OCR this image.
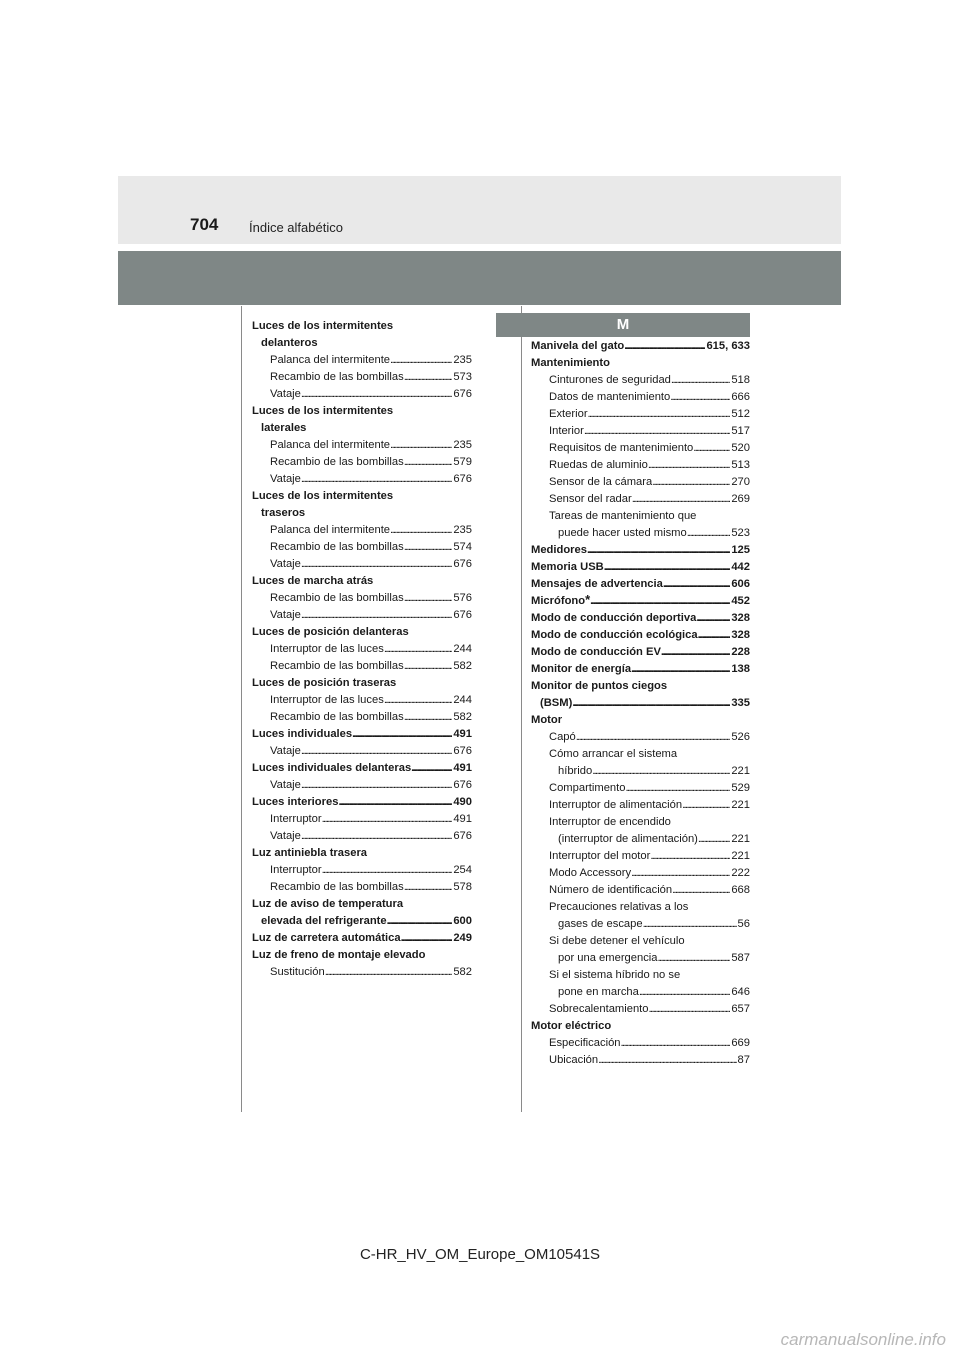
704 Índice alfabético
M
Luces de los intermitentes
delanteros
Palanca del intermitente . . .	235
Recambio de las bombillas . . .	573
Vataje . . .	676
Luces de los intermitentes
laterales
Palanca del intermitente . . .	235
Recambio de las bombillas . . .	579
Vataje . . .	676
Luces de los intermitentes
traseros
Palanca del intermitente . . .	235
Recambio de las bombillas . . .	574
Vataje . . .	676
Luces de marcha atrás
Recambio de las bombillas . . .	576
Vataje . . .	676
Luces de posición delanteras
Interruptor de las luces . . .	244
Recambio de las bombillas . . .	582
Luces de posición traseras
Interruptor de las luces . . .	244
Recambio de las bombillas . . .	582
Luces individuales . . .	491
Vataje . . .	676
Luces individuales delanteras . . .	491
Vataje . . .	676
Luces interiores . . .	490
Interruptor . . .	491
Vataje . . .	676
Luz antiniebla trasera
Interruptor . . .	254
Recambio de las bombillas . . .	578
Luz de aviso de temperatura
elevada del refrigerante . . .	600
Luz de carretera automática . . .	249
Luz de freno de montaje elevado
Sustitución . . .	582
Manivela del gato . . .	615, 633
Mantenimiento
Cinturones de seguridad . . .	518
Datos de mantenimiento . . .	666
Exterior . . .	512
Interior . . .	517
Requisitos de mantenimiento . . .	520
Ruedas de aluminio . . .	513
Sensor de la cámara . . .	270
Sensor del radar . . .	269
Tareas de mantenimiento que
puede hacer usted mismo . . .	523
Medidores . . .	125
Memoria USB . . .	442
Mensajes de advertencia . . .	606
Micrófono * . . .	452
Modo de conducción deportiva . . .	328
Modo de conducción ecológica . . .	328
Modo de conducción EV . . .	228
Monitor de energía . . .	138
Monitor de puntos ciegos
(BSM) . . .	335
Motor
Capó . . .	526
Cómo arrancar el sistema
híbrido . . .	221
Compartimento . . .	529
Interruptor de alimentación . . .	221
Interruptor de encendido
(interruptor de alimentación) . . .	221
Interruptor del motor . . .	221
Modo Accessory . . .	222
Número de identificación . . .	668
Precauciones relativas a los
gases de escape . . .	56
Si debe detener el vehículo
por una emergencia . . .	587
Si el sistema híbrido no se
pone en marcha . . .	646
Sobrecalentamiento . . .	657
Motor eléctrico
Especificación . . .	669
Ubicación . . .	87
C-HR_HV_OM_Europe_OM10541S
carmanualsonline.info
